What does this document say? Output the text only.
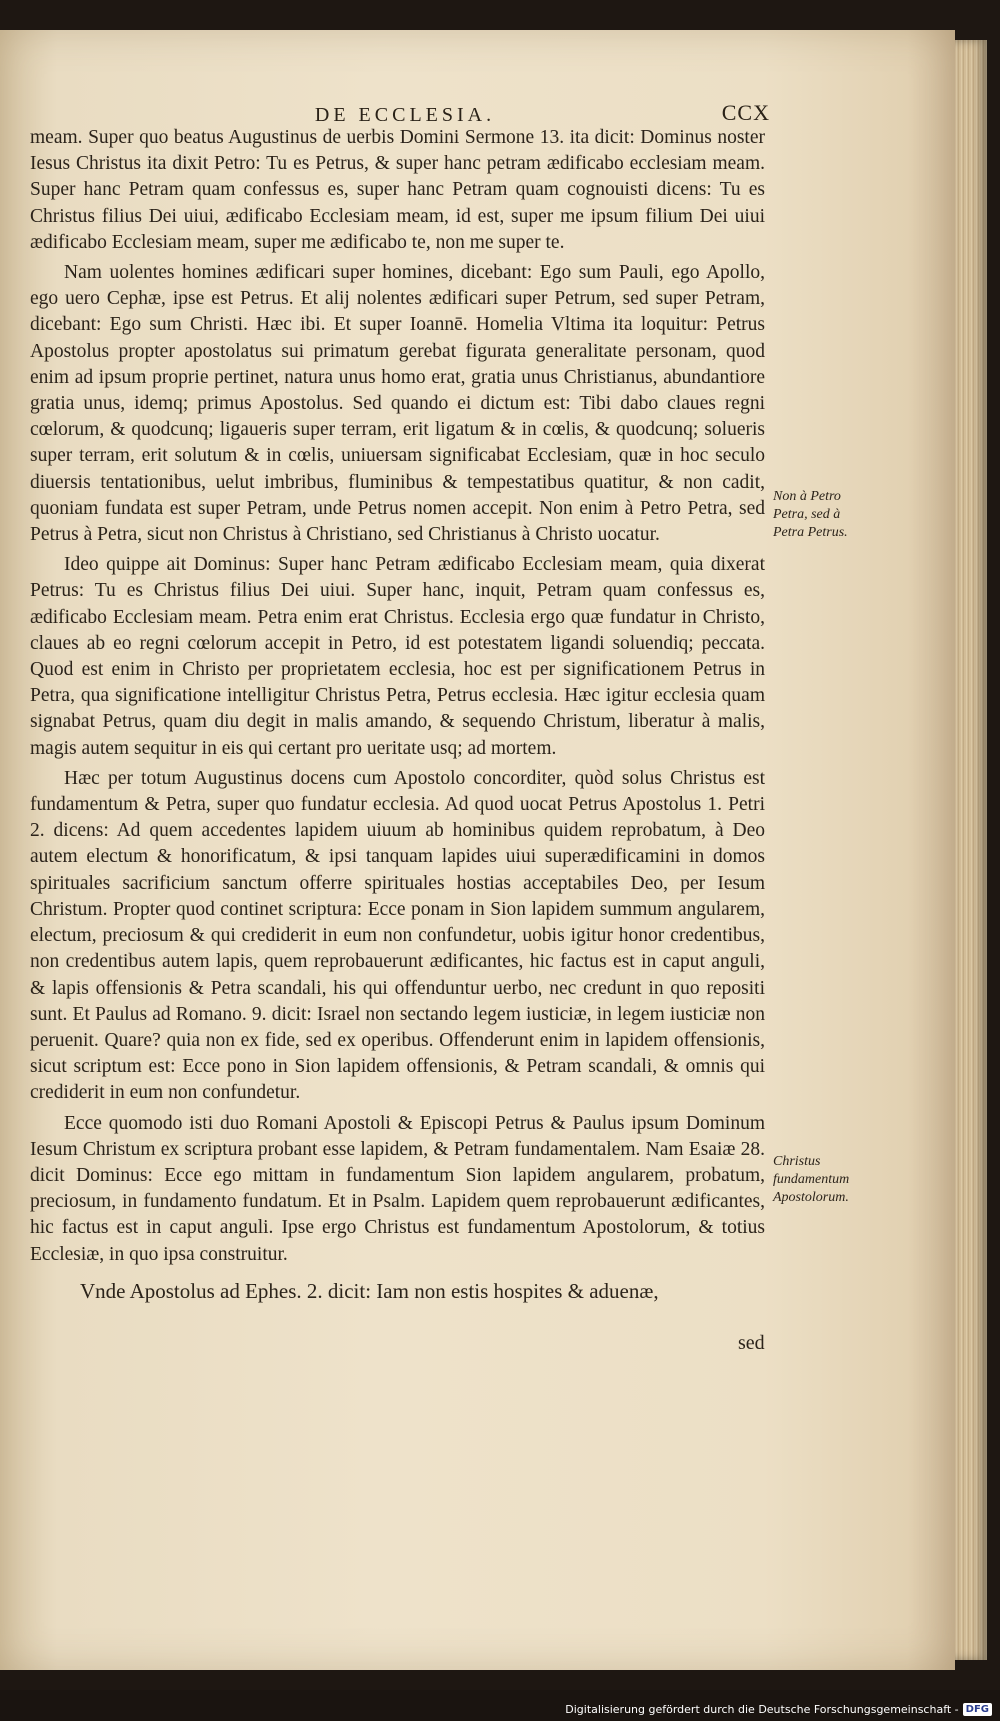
DE ECCLESIA.	CCX

meam. Super quo beatus Augustinus de uerbis Domini Sermone 13. ita dicit: Dominus noster Iesus Christus ita dixit Petro: Tu es Petrus, & super hanc petram ædificabo ecclesiam meam. Super hanc Petram quam confessus es, super hanc Petram quam cognouisti dicens: Tu es Christus filius Dei uiui, ædificabo Ecclesiam meam, id est, super me ipsum filium Dei uiui ædificabo Ecclesiam meam, super me ædificabo te, non me super te.

Nam uolentes homines ædificari super homines, dicebant: Ego sum Pauli, ego Apollo, ego uero Cephæ, ipse est Petrus. Et alij nolentes ædificari super Petrum, sed super Petram, dicebant: Ego sum Christi. Hæc ibi. Et super Ioannē. Homelia Vltima ita loquitur: Petrus Apostolus propter apostolatus sui primatum gerebat figurata generalitate personam, quod enim ad ipsum proprie pertinet, natura unus homo erat, gratia unus Christianus, abundantiore gratia unus, idemq; primus Apostolus. Sed quando ei dictum est: Tibi dabo claues regni cœlorum, & quodcunq; ligaueris super terram, erit ligatum & in cœlis, & quodcunq; solueris super terram, erit solutum & in cœlis, uniuersam significabat Ecclesiam, quæ in hoc seculo diuersis tentationibus, uelut imbribus, fluminibus & tempestatibus quatitur, & non cadit, quoniam fundata est super Petram, unde Petrus nomen accepit. Non enim à Petro Petra, sed Petrus à Petra, sicut non Christus à Christiano, sed Christianus à Christo uocatur.

Ideo quippe ait Dominus: Super hanc Petram ædificabo Ecclesiam meam, quia dixerat Petrus: Tu es Christus filius Dei uiui. Super hanc, inquit, Petram quam confessus es, ædificabo Ecclesiam meam. Petra enim erat Christus. Ecclesia ergo quæ fundatur in Christo, claues ab eo regni cœlorum accepit in Petro, id est potestatem ligandi soluendiq; peccata. Quod est enim in Christo per proprietatem ecclesia, hoc est per significationem Petrus in Petra, qua significatione intelligitur Christus Petra, Petrus ecclesia. Hæc igitur ecclesia quam signabat Petrus, quam diu degit in malis amando, & sequendo Christum, liberatur à malis, magis autem sequitur in eis qui certant pro ueritate usq; ad mortem.

Hæc per totum Augustinus docens cum Apostolo concorditer, quòd solus Christus est fundamentum & Petra, super quo fundatur ecclesia. Ad quod uocat Petrus Apostolus 1. Petri 2. dicens: Ad quem accedentes lapidem uiuum ab hominibus quidem reprobatum, à Deo autem electum & honorificatum, & ipsi tanquam lapides uiui superædificamini in domos spirituales sacrificium sanctum offerre spirituales hostias acceptabiles Deo, per Iesum Christum. Propter quod continet scriptura: Ecce ponam in Sion lapidem summum angularem, electum, preciosum & qui crediderit in eum non confundetur, uobis igitur honor credentibus, non credentibus autem lapis, quem reprobauerunt ædificantes, hic factus est in caput anguli, & lapis offensionis & Petra scandali, his qui offenduntur uerbo, nec credunt in quo repositi sunt. Et Paulus ad Romano. 9. dicit: Israel non sectando legem iusticiæ, in legem iusticiæ non peruenit. Quare? quia non ex fide, sed ex operibus. Offenderunt enim in lapidem offensionis, sicut scriptum est: Ecce pono in Sion lapidem offensionis, & Petram scandali, & omnis qui crediderit in eum non confundetur.

Ecce quomodo isti duo Romani Apostoli & Episcopi Petrus & Paulus ipsum Dominum Iesum Christum ex scriptura probant esse lapidem, & Petram fundamentalem. Nam Esaiæ 28. dicit Dominus: Ecce ego mittam in fundamentum Sion lapidem angularem, probatum, preciosum, in fundamento fundatum. Et in Psalm. Lapidem quem reprobauerunt ædificantes, hic factus est in caput anguli. Ipse ergo Christus est fundamentum Apostolorum, & totius Ecclesiæ, in quo ipsa construitur.

Vnde Apostolus ad Ephes. 2. dicit: Iam non estis hospites & aduenæ,

sed
Non à Petro Petra, sed à Petra Petrus.
Christus fundamentum Apostolorum.
Digitalisierung gefördert durch die Deutsche Forschungsgemeinschaft - DFG
